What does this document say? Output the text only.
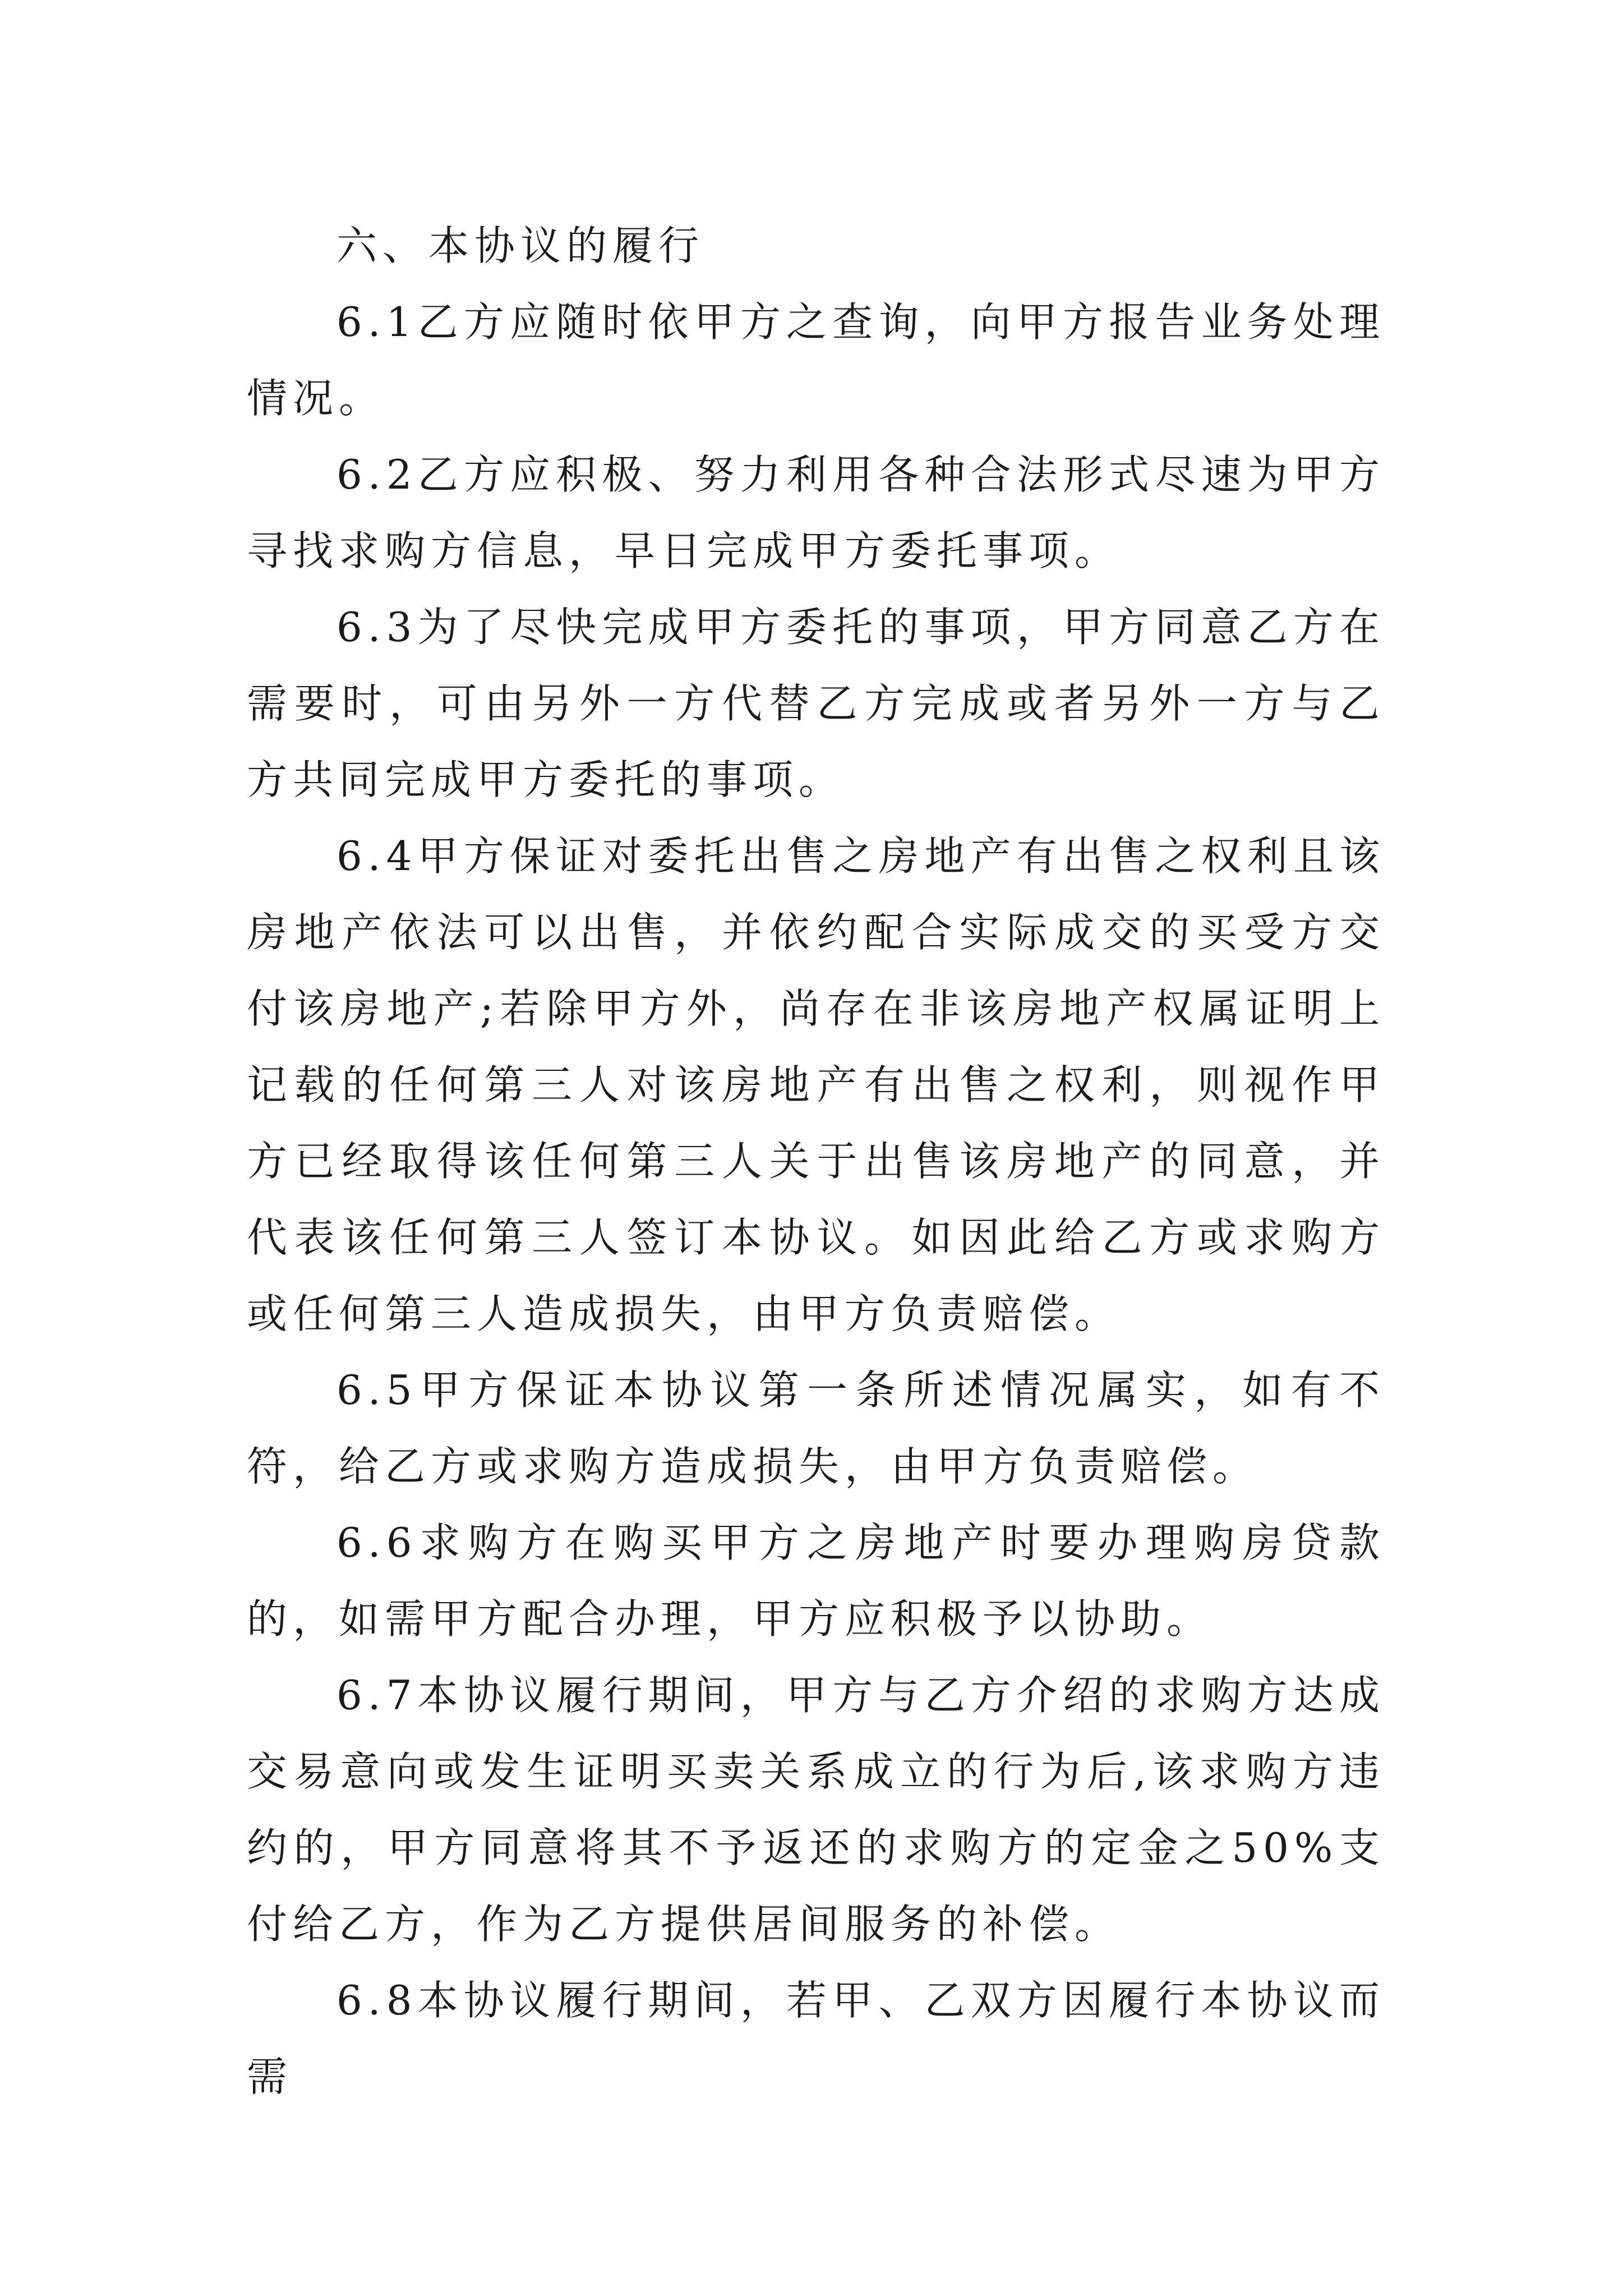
六、本协议的履行

6.1乙方应随时依甲方之查询，向甲方报告业务处理情况。

6.2乙方应积极、努力利用各种合法形式尽速为甲方寻找求购方信息，早日完成甲方委托事项。

6.3为了尽快完成甲方委托的事项，甲方同意乙方在需要时，可由另外一方代替乙方完成或者另外一方与乙方共同完成甲方委托的事项。

6.4甲方保证对委托出售之房地产有出售之权利且该房地产依法可以出售，并依约配合实际成交的买受方交付该房地产;若除甲方外，尚存在非该房地产权属证明上记载的任何第三人对该房地产有出售之权利，则视作甲方已经取得该任何第三人关于出售该房地产的同意，并代表该任何第三人签订本协议。如因此给乙方或求购方或任何第三人造成损失，由甲方负责赔偿。

6.5甲方保证本协议第一条所述情况属实，如有不符，给乙方或求购方造成损失，由甲方负责赔偿。

6.6求购方在购买甲方之房地产时要办理购房贷款的，如需甲方配合办理，甲方应积极予以协助。

6.7本协议履行期间，甲方与乙方介绍的求购方达成交易意向或发生证明买卖关系成立的行为后,该求购方违约的，甲方同意将其不予返还的求购方的定金之50%支付给乙方，作为乙方提供居间服务的补偿。

6.8本协议履行期间，若甲、乙双方因履行本协议而需
